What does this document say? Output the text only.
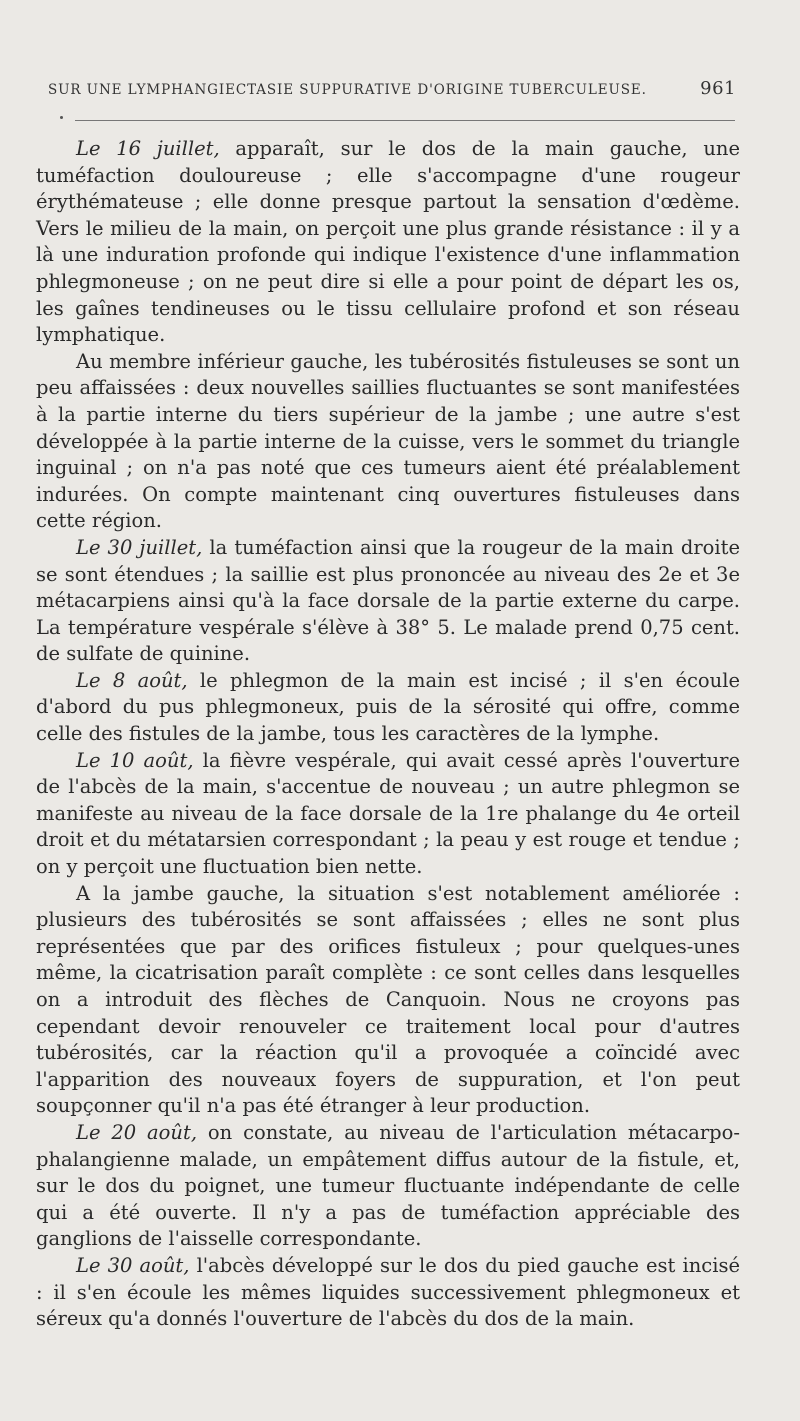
SUR UNE LYMPHANGIECTASIE SUPPURATIVE D'ORIGINE TUBERCULEUSE.	961

Le 16 juillet, apparaît, sur le dos de la main gauche, une tuméfaction douloureuse ; elle s'accompagne d'une rougeur érythémateuse ; elle donne presque partout la sensation d'œdème. Vers le milieu de la main, on perçoit une plus grande résistance : il y a là une induration profonde qui indique l'existence d'une inflammation phlegmoneuse ; on ne peut dire si elle a pour point de départ les os, les gaînes tendineuses ou le tissu cellulaire profond et son réseau lymphatique.

Au membre inférieur gauche, les tubérosités fistuleuses se sont un peu affaissées : deux nouvelles saillies fluctuantes se sont manifestées à la partie interne du tiers supérieur de la jambe ; une autre s'est développée à la partie interne de la cuisse, vers le sommet du triangle inguinal ; on n'a pas noté que ces tumeurs aient été préalablement indurées. On compte maintenant cinq ouvertures fistuleuses dans cette région.

Le 30 juillet, la tuméfaction ainsi que la rougeur de la main droite se sont étendues ; la saillie est plus prononcée au niveau des 2e et 3e métacarpiens ainsi qu'à la face dorsale de la partie externe du carpe. La température vespérale s'élève à 38° 5. Le malade prend 0,75 cent. de sulfate de quinine.

Le 8 août, le phlegmon de la main est incisé ; il s'en écoule d'abord du pus phlegmoneux, puis de la sérosité qui offre, comme celle des fistules de la jambe, tous les caractères de la lymphe.

Le 10 août, la fièvre vespérale, qui avait cessé après l'ouverture de l'abcès de la main, s'accentue de nouveau ; un autre phlegmon se manifeste au niveau de la face dorsale de la 1re phalange du 4e orteil droit et du métatarsien correspondant ; la peau y est rouge et tendue ; on y perçoit une fluctuation bien nette.

A la jambe gauche, la situation s'est notablement améliorée : plusieurs des tubérosités se sont affaissées ; elles ne sont plus représentées que par des orifices fistuleux ; pour quelques-unes même, la cicatrisation paraît complète : ce sont celles dans lesquelles on a introduit des flèches de Canquoin. Nous ne croyons pas cependant devoir renouveler ce traitement local pour d'autres tubérosités, car la réaction qu'il a provoquée a coïncidé avec l'apparition des nouveaux foyers de suppuration, et l'on peut soupçonner qu'il n'a pas été étranger à leur production.

Le 20 août, on constate, au niveau de l'articulation métacarpo-phalangienne malade, un empâtement diffus autour de la fistule, et, sur le dos du poignet, une tumeur fluctuante indépendante de celle qui a été ouverte. Il n'y a pas de tuméfaction appréciable des ganglions de l'aisselle correspondante.

Le 30 août, l'abcès développé sur le dos du pied gauche est incisé : il s'en écoule les mêmes liquides successivement phlegmoneux et séreux qu'a donnés l'ouverture de l'abcès du dos de la main.
